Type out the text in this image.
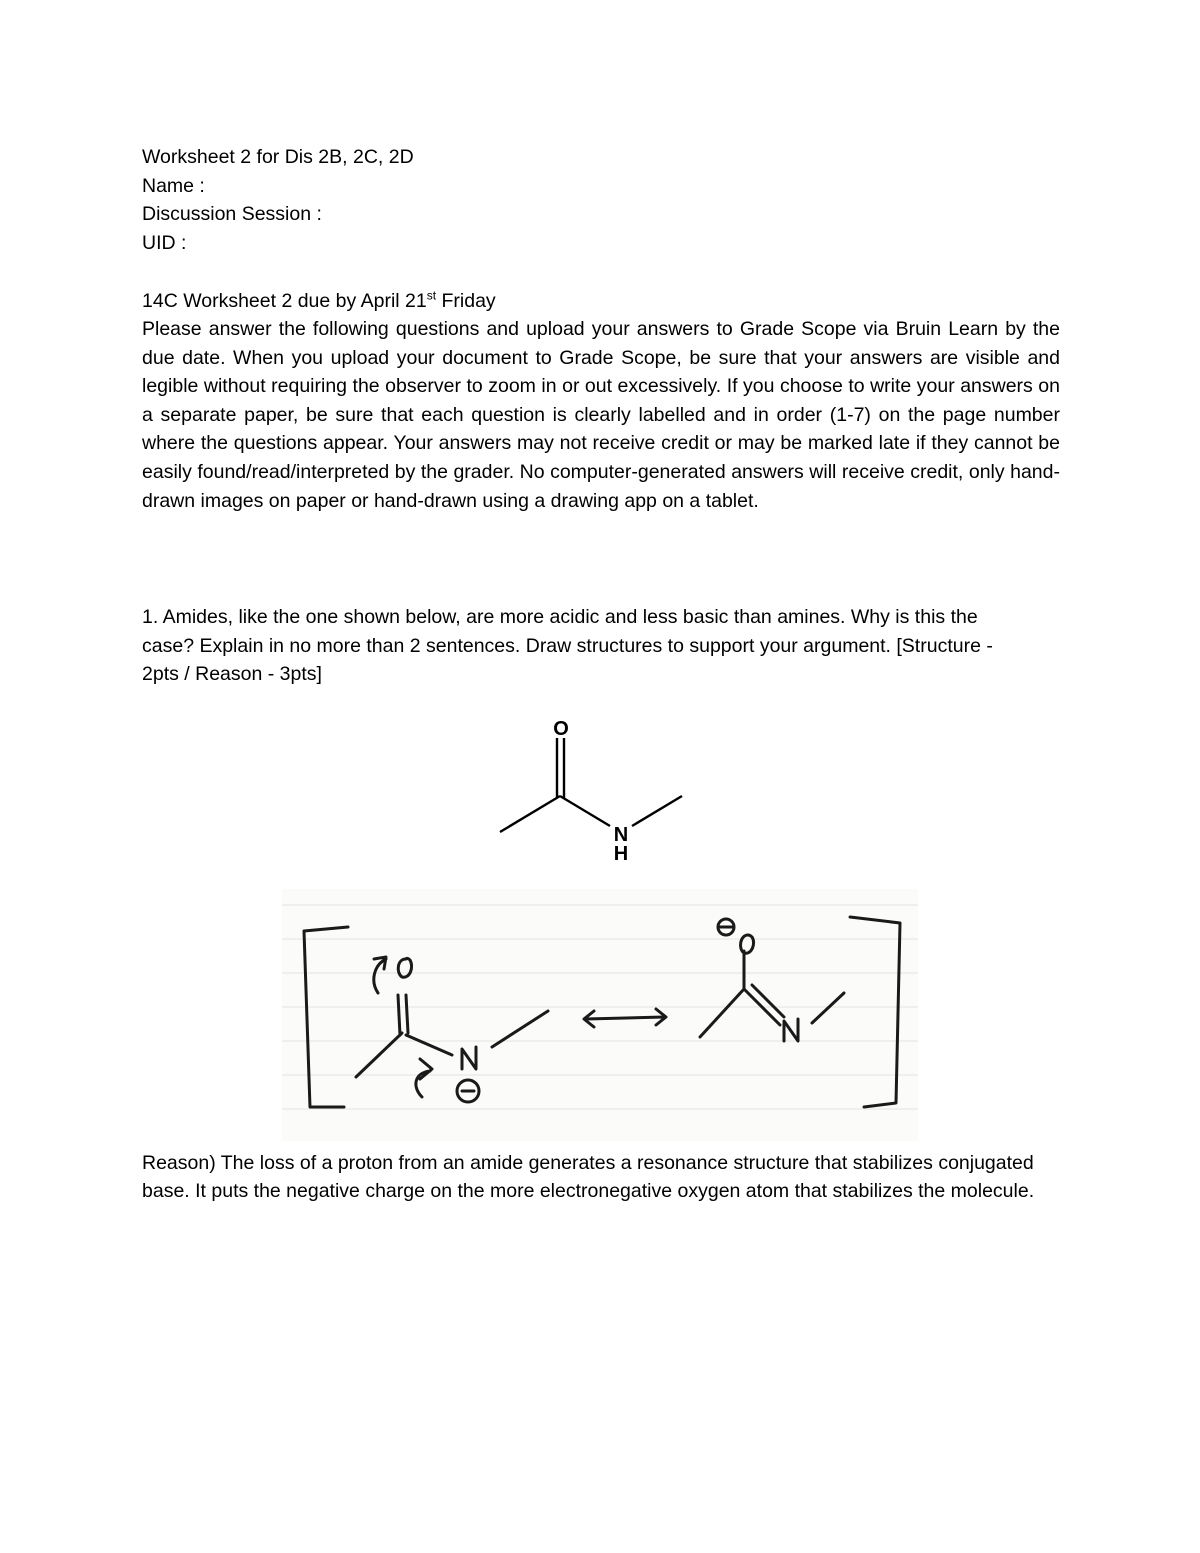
Worksheet 2 for Dis 2B, 2C, 2D
Name :
Discussion Session :
UID :
14C Worksheet 2 due by April 21st Friday
Please answer the following questions and upload your answers to Grade Scope via Bruin Learn by the due date. When you upload your document to Grade Scope, be sure that your answers are visible and legible without requiring the observer to zoom in or out excessively. If you choose to write your answers on a separate paper, be sure that each question is clearly labelled and in order (1-7) on the page number where the questions appear. Your answers may not receive credit or may be marked late if they cannot be easily found/read/interpreted by the grader. No computer-generated answers will receive credit, only hand-drawn images on paper or hand-drawn using a drawing app on a tablet.
1. Amides, like the one shown below, are more acidic and less basic than amines. Why is this the case? Explain in no more than 2 sentences. Draw structures to support your argument. [Structure - 2pts / Reason - 3pts]
O
N
H
Reason) The loss of a proton from an amide generates a resonance structure that stabilizes conjugated base. It puts the negative charge on the more electronegative oxygen atom that stabilizes the molecule.
